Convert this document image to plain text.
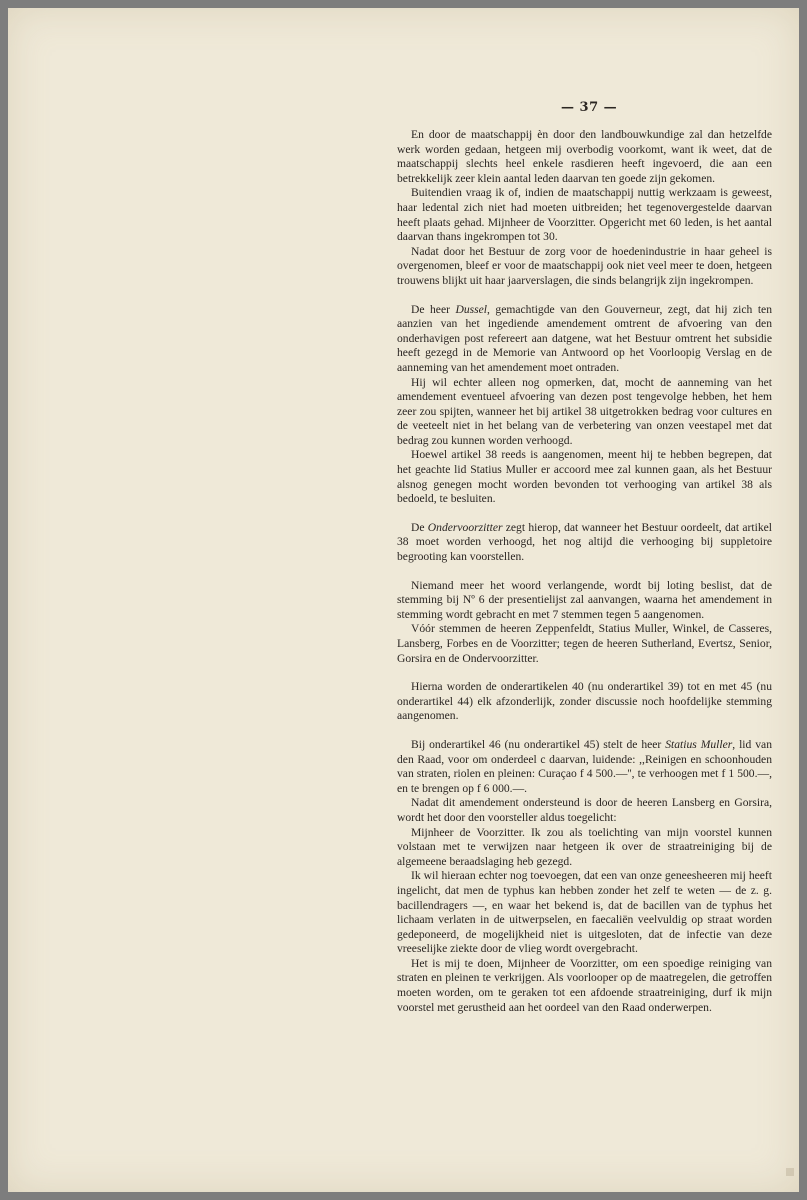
— 37 —

En door de maatschappij èn door den landbouwkundige zal dan hetzelfde werk worden gedaan, hetgeen mij overbodig voorkomt, want ik weet, dat de maatschappij slechts heel enkele rasdieren heeft ingevoerd, die aan een betrekkelijk zeer klein aantal leden daarvan ten goede zijn gekomen.

Buitendien vraag ik of, indien de maatschappij nuttig werkzaam is geweest, haar ledental zich niet had moeten uitbreiden; het tegenovergestelde daarvan heeft plaats gehad. Mijnheer de Voorzitter. Opgericht met 60 leden, is het aantal daarvan thans ingekrompen tot 30.

Nadat door het Bestuur de zorg voor de hoedenindustrie in haar geheel is overgenomen, bleef er voor de maatschappij ook niet veel meer te doen, hetgeen trouwens blijkt uit haar jaarverslagen, die sinds belangrijk zijn ingekrompen.

De heer Dussel, gemachtigde van den Gouverneur, zegt, dat hij zich ten aanzien van het ingediende amendement omtrent de afvoering van den onderhavigen post refereert aan datgene, wat het Bestuur omtrent het subsidie heeft gezegd in de Memorie van Antwoord op het Voorloopig Verslag en de aanneming van het amendement moet ontraden.

Hij wil echter alleen nog opmerken, dat, mocht de aanneming van het amendement eventueel afvoering van dezen post tengevolge hebben, het hem zeer zou spijten, wanneer het bij artikel 38 uitgetrokken bedrag voor cultures en de veeteelt niet in het belang van de verbetering van onzen veestapel met dat bedrag zou kunnen worden verhoogd.

Hoewel artikel 38 reeds is aangenomen, meent hij te hebben begrepen, dat het geachte lid Statius Muller er accoord mee zal kunnen gaan, als het Bestuur alsnog genegen mocht worden bevonden tot verhooging van artikel 38 als bedoeld, te besluiten.

De Ondervoorzitter zegt hierop, dat wanneer het Bestuur oordeelt, dat artikel 38 moet worden verhoogd, het nog altijd die verhooging bij suppletoire begrooting kan voorstellen.

Niemand meer het woord verlangende, wordt bij loting beslist, dat de stemming bij Nº 6 der presentielijst zal aanvangen, waarna het amendement in stemming wordt gebracht en met 7 stemmen tegen 5 aangenomen.

Vóór stemmen de heeren Zeppenfeldt, Statius Muller, Winkel, de Casseres, Lansberg, Forbes en de Voorzitter; tegen de heeren Sutherland, Evertsz, Senior, Gorsira en de Ondervoorzitter.

Hierna worden de onderartikelen 40 (nu onderartikel 39) tot en met 45 (nu onderartikel 44) elk afzonderlijk, zonder discussie noch hoofdelijke stemming aangenomen.

Bij onderartikel 46 (nu onderartikel 45) stelt de heer Statius Muller, lid van den Raad, voor om onderdeel c daarvan, luidende: ,,Reinigen en schoonhouden van straten, riolen en pleinen: Curaçao f 4 500.—'', te verhoogen met f 1 500.—, en te brengen op f 6 000.—.

Nadat dit amendement ondersteund is door de heeren Lansberg en Gorsira, wordt het door den voorsteller aldus toegelicht:

Mijnheer de Voorzitter. Ik zou als toelichting van mijn voorstel kunnen volstaan met te verwijzen naar hetgeen ik over de straatreiniging bij de algemeene beraadslaging heb gezegd.

Ik wil hieraan echter nog toevoegen, dat een van onze geneesheeren mij heeft ingelicht, dat men de typhus kan hebben zonder het zelf te weten — de z. g. bacillendragers —, en waar het bekend is, dat de bacillen van de typhus het lichaam verlaten in de uitwerpselen, en faecaliën veelvuldig op straat worden gedeponeerd, de mogelijkheid niet is uitgesloten, dat de infectie van deze vreeselijke ziekte door de vlieg wordt overgebracht.

Het is mij te doen, Mijnheer de Voorzitter, om een spoedige reiniging van straten en pleinen te verkrijgen. Als voorlooper op de maatregelen, die getroffen moeten worden, om te geraken tot een afdoende straatreiniging, durf ik mijn voorstel met gerustheid aan het oordeel van den Raad onderwerpen.
